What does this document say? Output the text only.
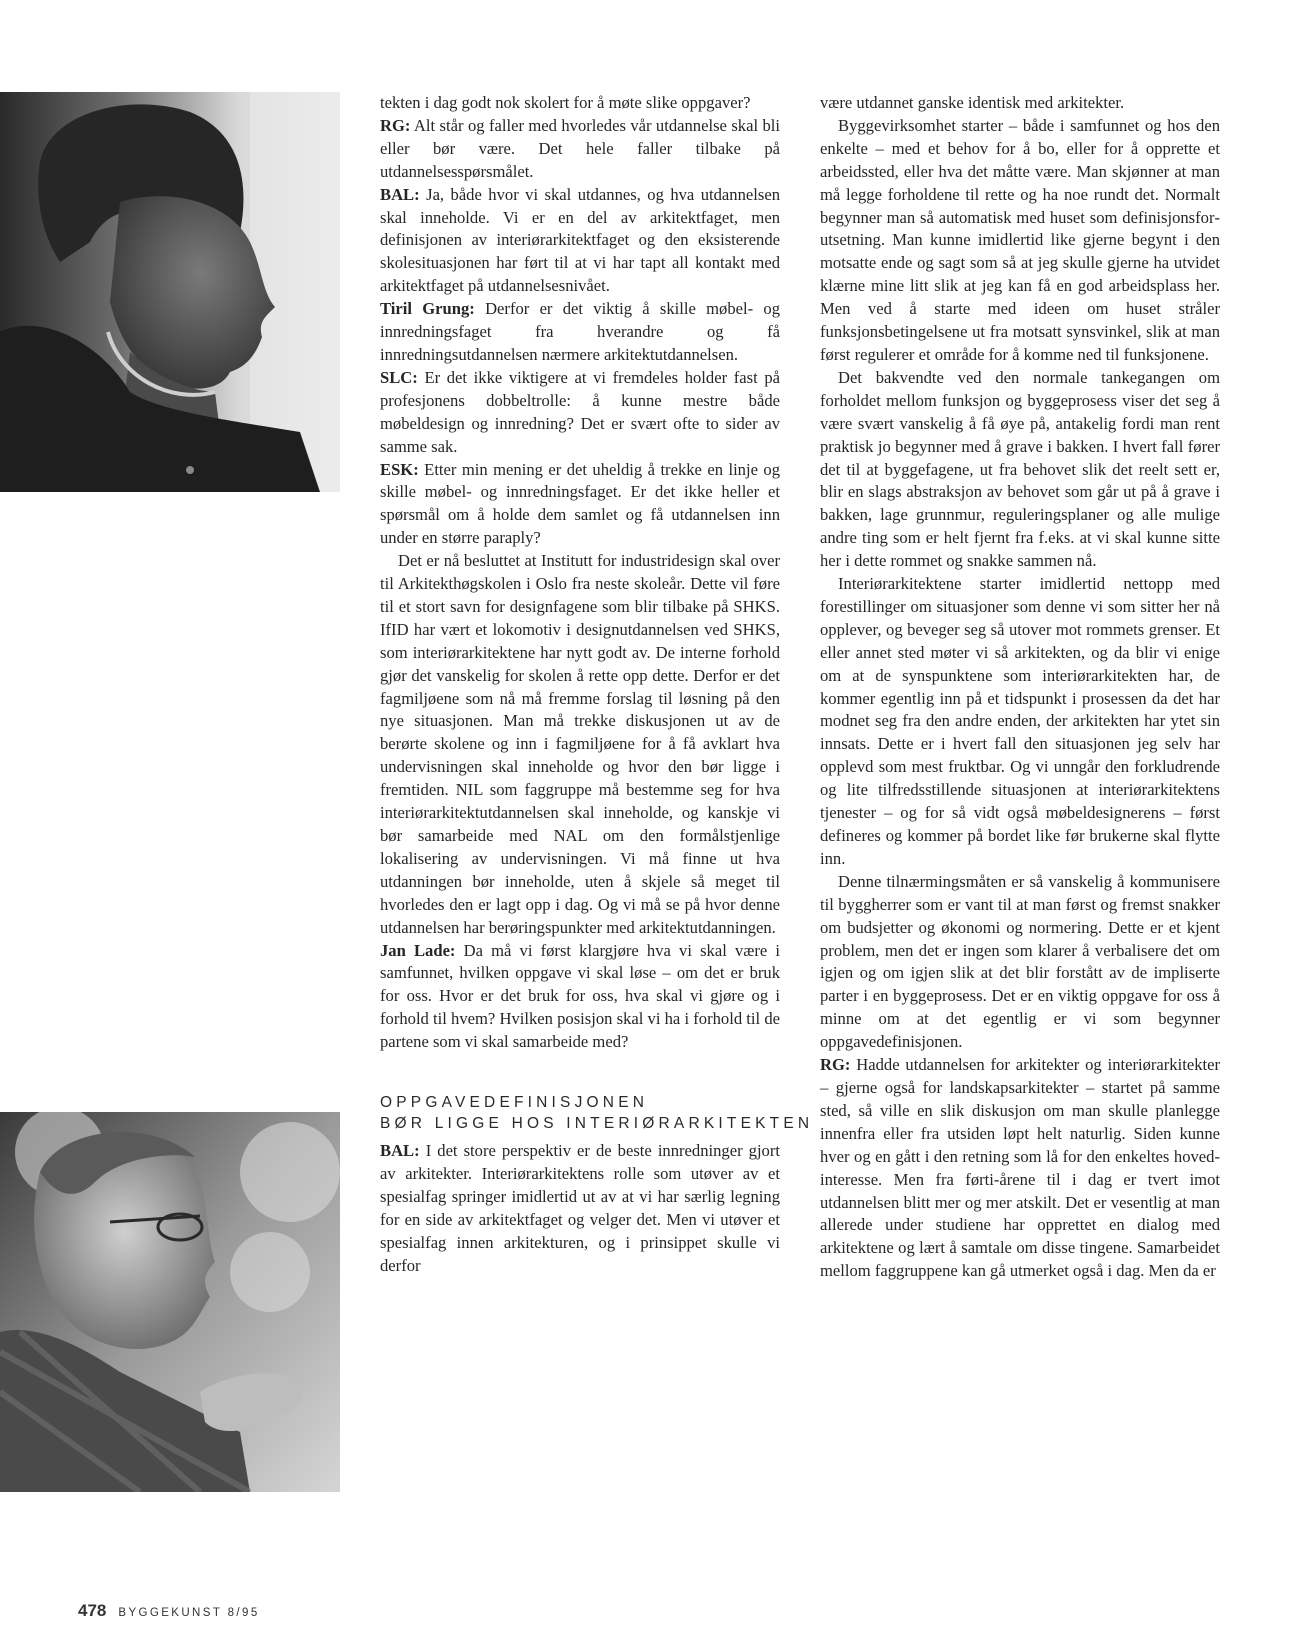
tekten i dag godt nok skolert for å møte slike oppgaver?

RG: Alt står og faller med hvorledes vår utdannelse skal bli eller bør være. Det hele faller tilbake på utdannelsesspørsmålet.

BAL: Ja, både hvor vi skal utdannes, og hva utdannelsen skal inneholde. Vi er en del av arkitektfaget, men definisjonen av interiørarkitektfaget og den eksisterende skolesituasjonen har ført til at vi har tapt all kontakt med arkitektfaget på utdannelsesnivået.

Tiril Grung: Derfor er det viktig å skille møbel- og innredningsfaget fra hverandre og få innredningsutdannelsen nærmere arkitektutdannelsen.

SLC: Er det ikke viktigere at vi fremdeles holder fast på profesjonens dobbeltrolle: å kunne mestre både møbeldesign og innredning? Det er svært ofte to sider av samme sak.

ESK: Etter min mening er det uheldig å trekke en linje og skille møbel- og innredningsfaget. Er det ikke heller et spørsmål om å holde dem samlet og få utdannelsen inn under en større paraply?

Det er nå besluttet at Institutt for industridesign skal over til Arkitekthøgskolen i Oslo fra neste skoleår. Dette vil føre til et stort savn for designfagene som blir tilbake på SHKS. IfID har vært et lokomotiv i designutdannelsen ved SHKS, som interiørarkitektene har nytt godt av. De interne forhold gjør det vanskelig for skolen å rette opp dette. Derfor er det fagmiljøene som nå må fremme forslag til løsning på den nye situasjonen. Man må trekke diskusjonen ut av de berørte skolene og inn i fagmiljøene for å få avklart hva undervisningen skal inneholde og hvor den bør ligge i fremtiden. NIL som faggruppe må bestemme seg for hva interiørarkitektutdannelsen skal inneholde, og kanskje vi bør samarbeide med NAL om den formålstjenlige lokalisering av undervisningen. Vi må finne ut hva utdanningen bør inneholde, uten å skjele så meget til hvorledes den er lagt opp i dag. Og vi må se på hvor denne utdannelsen har berøringspunkter med arkitektutdanningen.

Jan Lade: Da må vi først klargjøre hva vi skal være i samfunnet, hvilken oppgave vi skal løse – om det er bruk for oss. Hvor er det bruk for oss, hva skal vi gjøre og i forhold til hvem? Hvilken posisjon skal vi ha i forhold til de partene som vi skal samarbeide med?

OPPGAVEDEFINISJONEN
BØR LIGGE HOS INTERIØRARKITEKTEN

BAL: I det store perspektiv er de beste innredninger gjort av arkitekter. Interiørarkitektens rolle som utøver av et spesialfag springer imidlertid ut av at vi har særlig legning for en side av arkitektfaget og velger det. Men vi utøver et spesialfag innen arkitekturen, og i prinsippet skulle vi derfor

være utdannet ganske identisk med arkitekter.

Byggevirksomhet starter – både i samfunnet og hos den enkelte – med et behov for å bo, eller for å opprette et arbeidssted, eller hva det måtte være. Man skjønner at man må legge forholdene til rette og ha noe rundt det. Normalt begynner man så automatisk med huset som definisjonsforutsetning. Man kunne imidlertid like gjerne begynt i den motsatte ende og sagt som så at jeg skulle gjerne ha utvidet klærne mine litt slik at jeg kan få en god arbeidsplass her. Men ved å starte med ideen om huset stråler funksjonsbetingelsene ut fra motsatt synsvinkel, slik at man først regulerer et område for å komme ned til funksjonene.

Det bakvendte ved den normale tankegangen om forholdet mellom funksjon og byggeprosess viser det seg å være svært vanskelig å få øye på, antakelig fordi man rent praktisk jo begynner med å grave i bakken. I hvert fall fører det til at byggefagene, ut fra behovet slik det reelt sett er, blir en slags abstraksjon av behovet som går ut på å grave i bakken, lage grunnmur, reguleringsplaner og alle mulige andre ting som er helt fjernt fra f.eks. at vi skal kunne sitte her i dette rommet og snakke sammen nå.

Interiørarkitektene starter imidlertid nettopp med forestillinger om situasjoner som denne vi som sitter her nå opplever, og beveger seg så utover mot rommets grenser. Et eller annet sted møter vi så arkitekten, og da blir vi enige om at de synspunktene som interiørarkitekten har, de kommer egentlig inn på et tidspunkt i prosessen da det har modnet seg fra den andre enden, der arkitekten har ytet sin innsats. Dette er i hvert fall den situasjonen jeg selv har opplevd som mest fruktbar. Og vi unngår den forkludrende og lite tilfredsstillende situasjonen at interiørarkitektens tjenester – og for så vidt også møbeldesignerens – først defineres og kommer på bordet like før brukerne skal flytte inn.

Denne tilnærmingsmåten er så vanskelig å kommunisere til byggherrer som er vant til at man først og fremst snakker om budsjetter og økonomi og normering. Dette er et kjent problem, men det er ingen som klarer å verbalisere det om igjen og om igjen slik at det blir forstått av de impliserte parter i en byggeprosess. Det er en viktig oppgave for oss å minne om at det egentlig er vi som begynner oppgavedefinisjonen.

RG: Hadde utdannelsen for arkitekter og interiørarkitekter – gjerne også for landskapsarkitekter – startet på samme sted, så ville en slik diskusjon om man skulle planlegge innenfra eller fra utsiden løpt helt naturlig. Siden kunne hver og en gått i den retning som lå for den enkeltes hovedinteresse. Men fra førti-årene til i dag er tvert imot utdannelsen blitt mer og mer atskilt. Det er vesentlig at man allerede under studiene har opprettet en dialog med arkitektene og lært å samtale om disse tingene. Samarbeidet mellom faggruppene kan gå utmerket også i dag. Men da er

478 BYGGEKUNST 8/95
